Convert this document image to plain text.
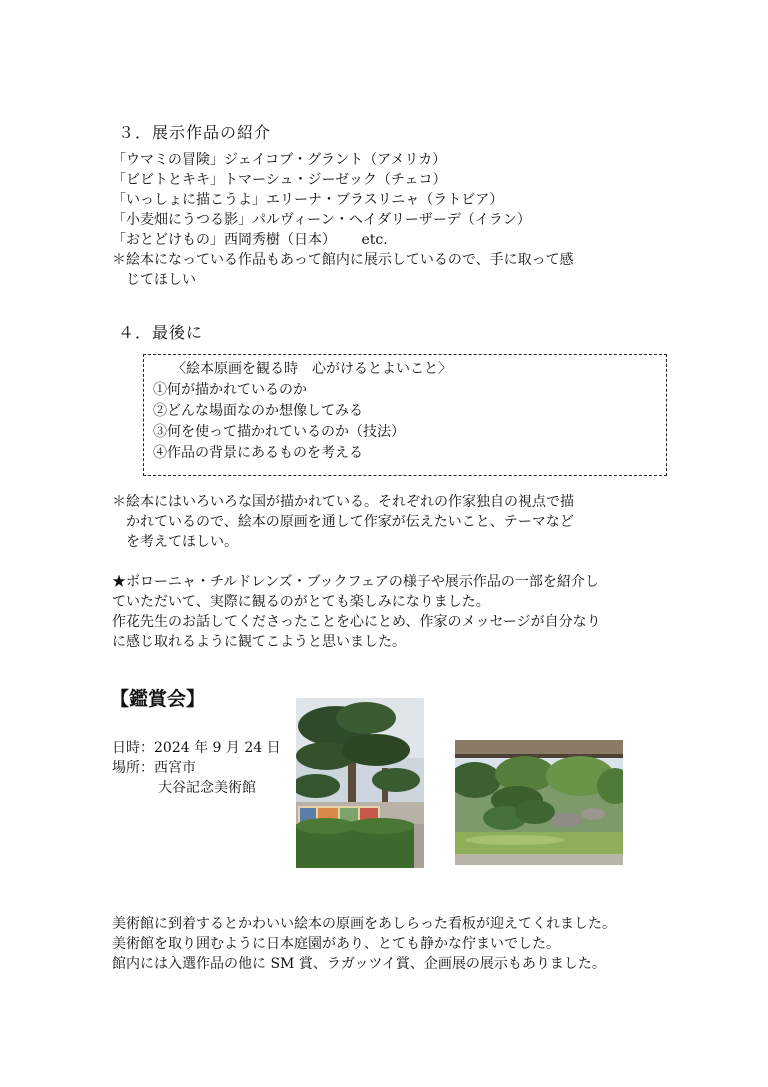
３．展示作品の紹介
「ウマミの冒険」ジェイコブ・グラント（アメリカ）
「ビビトとキキ」トマーシュ・ジーゼック（チェコ）
「いっしょに描こうよ」エリーナ・ブラスリニャ（ラトビア）
「小麦畑にうつる影」パルヴィーン・ヘイダリーザーデ（イラン）
「おとどけもの」西岡秀樹（日本）　　 etc.
＊絵本になっている作品もあって館内に展示しているので、手に取って感
　じてほしい
４．最後に
〈絵本原画を観る時　心がけるとよいこと〉
①何が描かれているのか
②どんな場面なのか想像してみる
③何を使って描かれているのか（技法）
④作品の背景にあるものを考える
＊絵本にはいろいろな国が描かれている。それぞれの作家独自の視点で描
　かれているので、絵本の原画を通して作家が伝えたいこと、テーマなど
　を考えてほしい。
★ボローニャ・チルドレンズ・ブックフェアの様子や展示作品の一部を紹介し
ていただいて、実際に観るのがとても楽しみになりました。
作花先生のお話してくださったことを心にとめ、作家のメッセージが自分なり
に感じ取れるように観てこようと思いました。
【鑑賞会】
日時：2024 年 9 月 24 日
場所：西宮市
大谷記念美術館
美術館に到着するとかわいい絵本の原画をあしらった看板が迎えてくれました。
美術館を取り囲むように日本庭園があり、とても静かな佇まいでした。
館内には入選作品の他に SM 賞、ラガッツイ賞、企画展の展示もありました。
